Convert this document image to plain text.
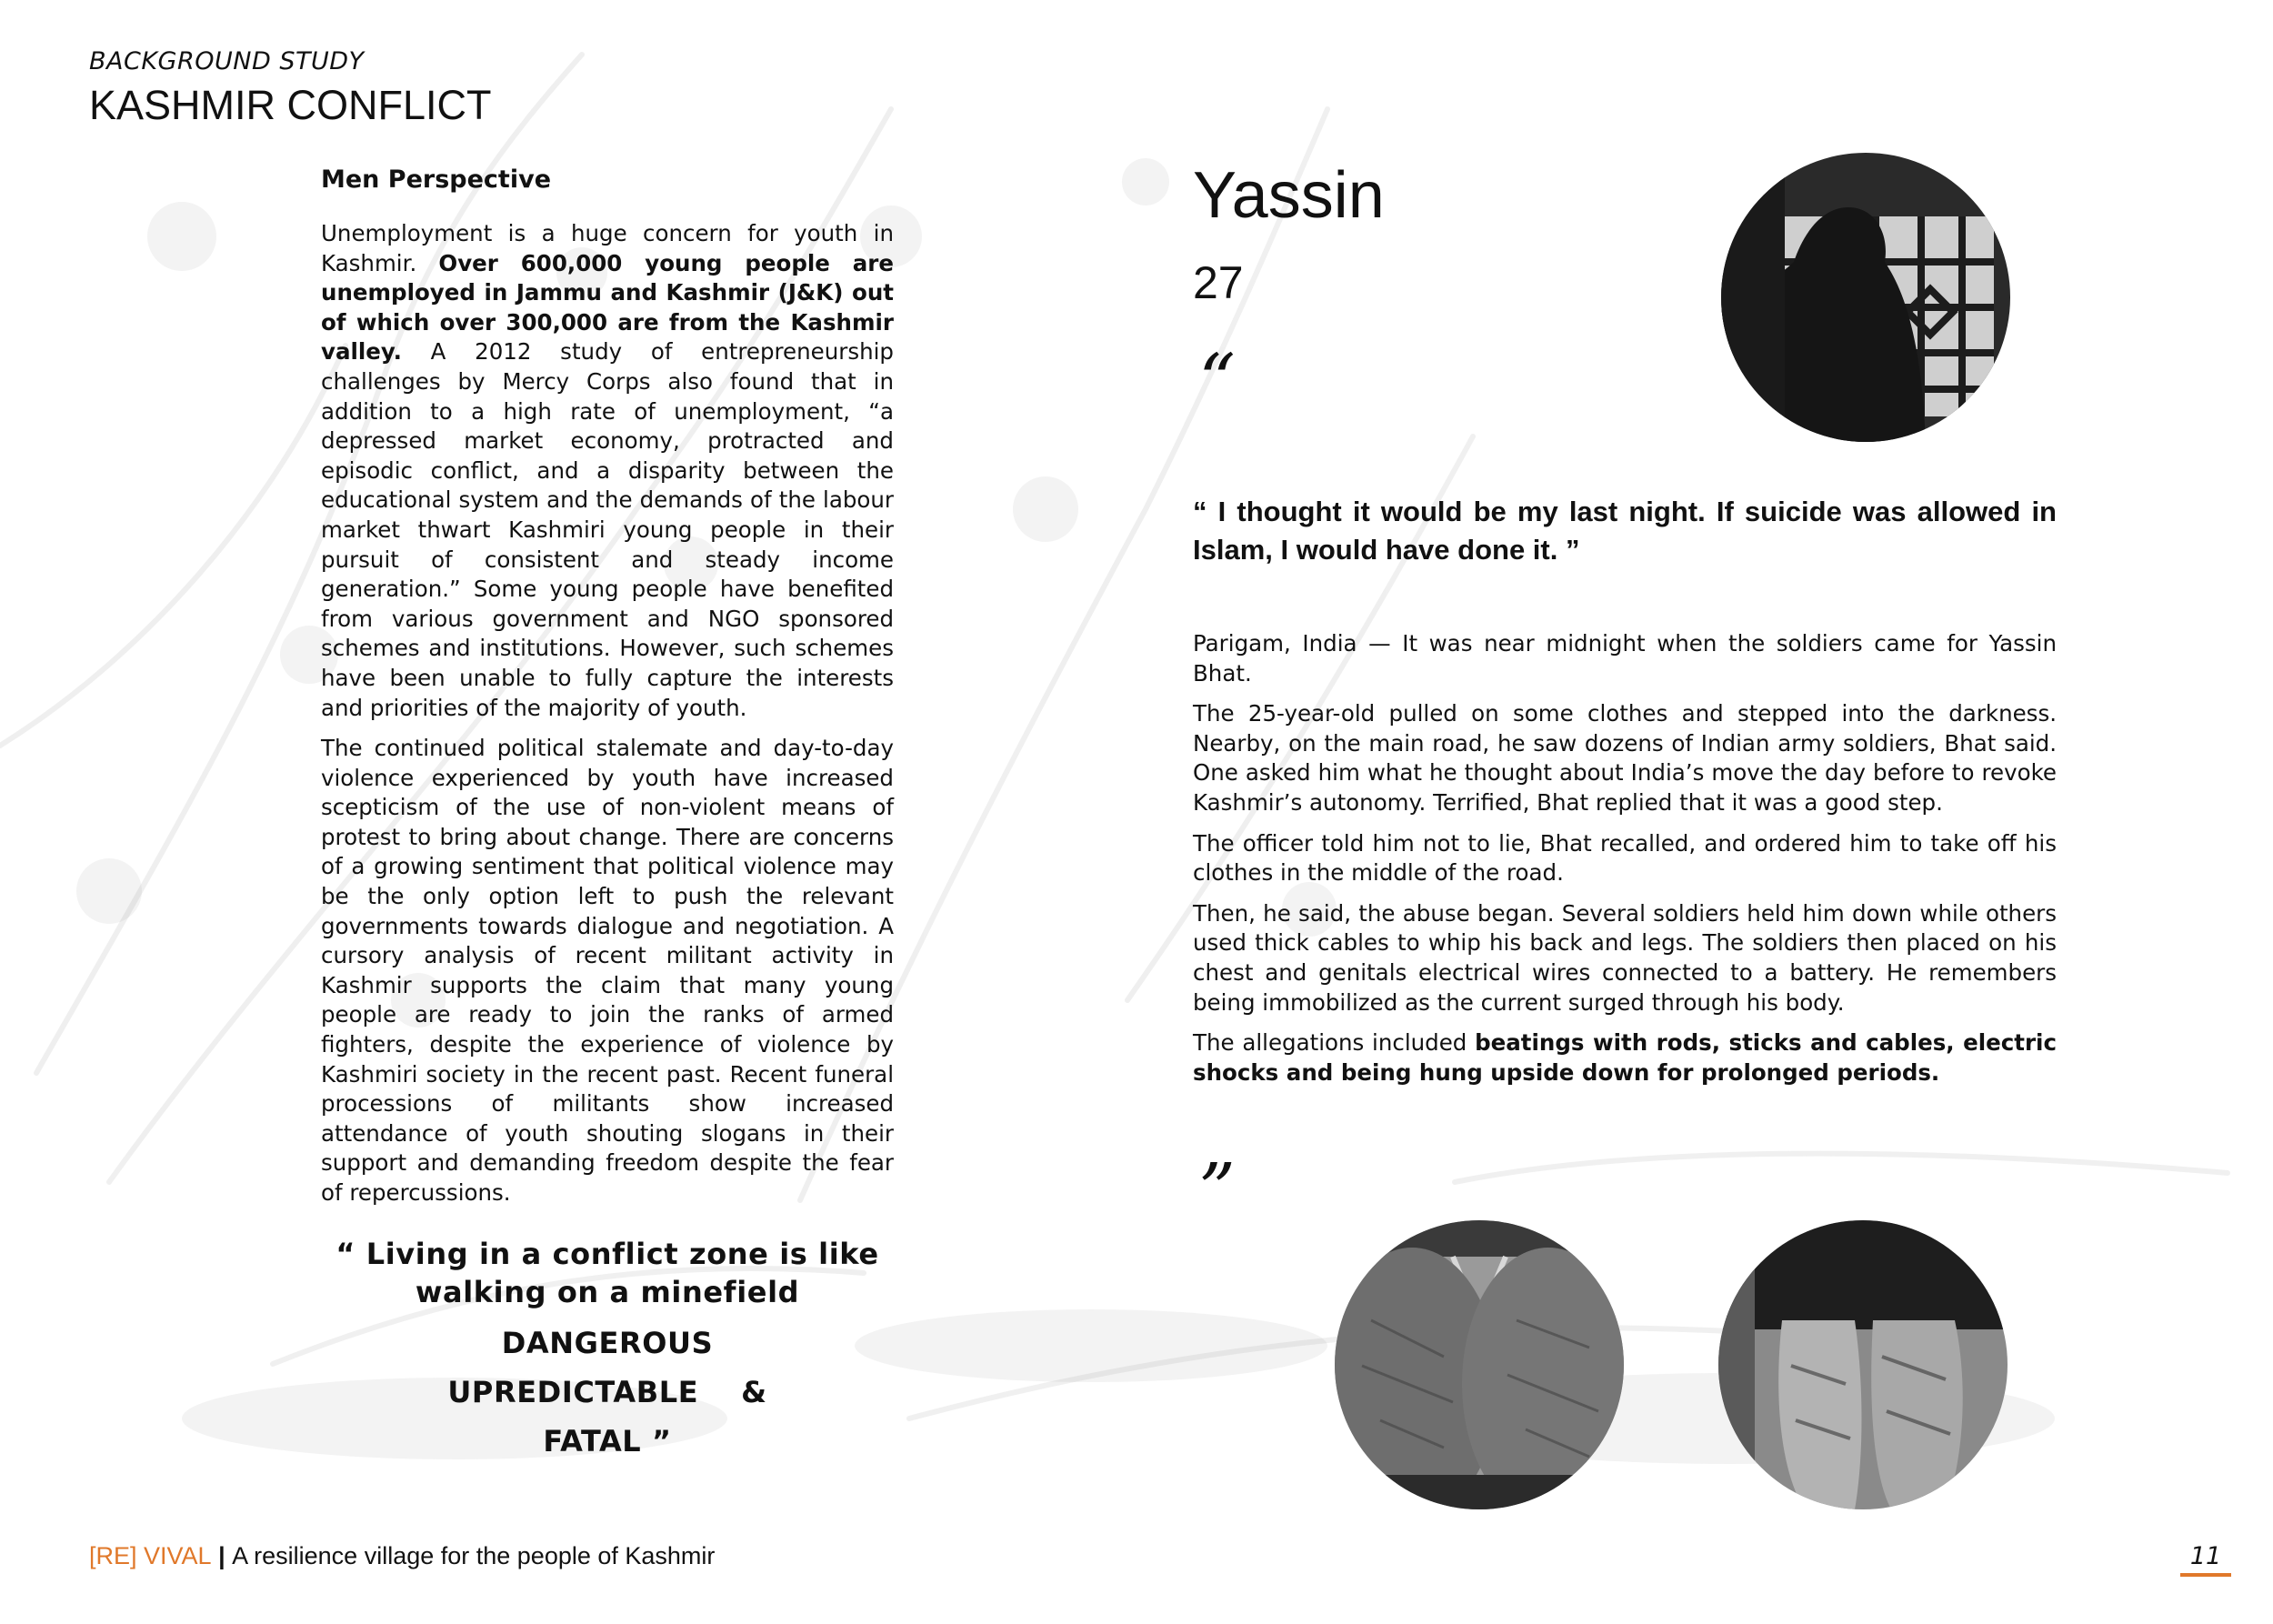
BACKGROUND STUDY
KASHMIR CONFLICT
Men Perspective

Unemployment is a huge concern for youth in Kashmir. Over 600,000 young people are unemployed in Jammu and Kashmir (J&K) out of which over 300,000 are from the Kashmir valley. A 2012 study of entrepreneurship challenges by Mercy Corps also found that in addition to a high rate of unemployment, “a depressed market economy, protracted and episodic conflict, and a disparity between the educational system and the demands of the labour market thwart Kashmiri young people in their pursuit of consistent and steady income generation.” Some young people have benefited from various government and NGO sponsored schemes and institutions. However, such schemes have been unable to fully capture the interests and priorities of the majority of youth.

The continued political stalemate and day-to-day violence experienced by youth have increased scepticism of the use of non-violent means of protest to bring about change. There are concerns of a growing sentiment that political violence may be the only option left to push the relevant governments towards dialogue and negotiation. A cursory analysis of recent militant activity in Kashmir supports the claim that many young people are ready to join the ranks of armed fighters, despite the experience of violence by Kashmiri society in the recent past. Recent funeral processions of militants show increased attendance of youth shouting slogans in their support and demanding freedom despite the fear of repercussions.

“ Living in a conflict zone is like
walking on a minefield
DANGEROUS
UPREDICTABLE    &
FATAL ”
Yassin
27
“
“ I thought it would be my last night. If suicide was allowed in Islam, I would have done it. ”

Parigam, India — It was near midnight when the soldiers came for Yassin Bhat.

The 25-year-old pulled on some clothes and stepped into the darkness. Nearby, on the main road, he saw dozens of Indian army soldiers, Bhat said. One asked him what he thought about India’s move the day before to revoke Kashmir’s autonomy. Terrified, Bhat replied that it was a good step.

The officer told him not to lie, Bhat recalled, and ordered him to take off his clothes in the middle of the road.

Then, he said, the abuse began. Several soldiers held him down while others used thick cables to whip his back and legs. The soldiers then placed on his chest and genitals electrical wires connected to a battery. He remembers being immobilized as the current surged through his body.

The allegations included beatings with rods, sticks and cables, electric shocks and being hung upside down for prolonged periods.

”
[RE] VIVAL | A resilience village for the people of Kashmir	11
